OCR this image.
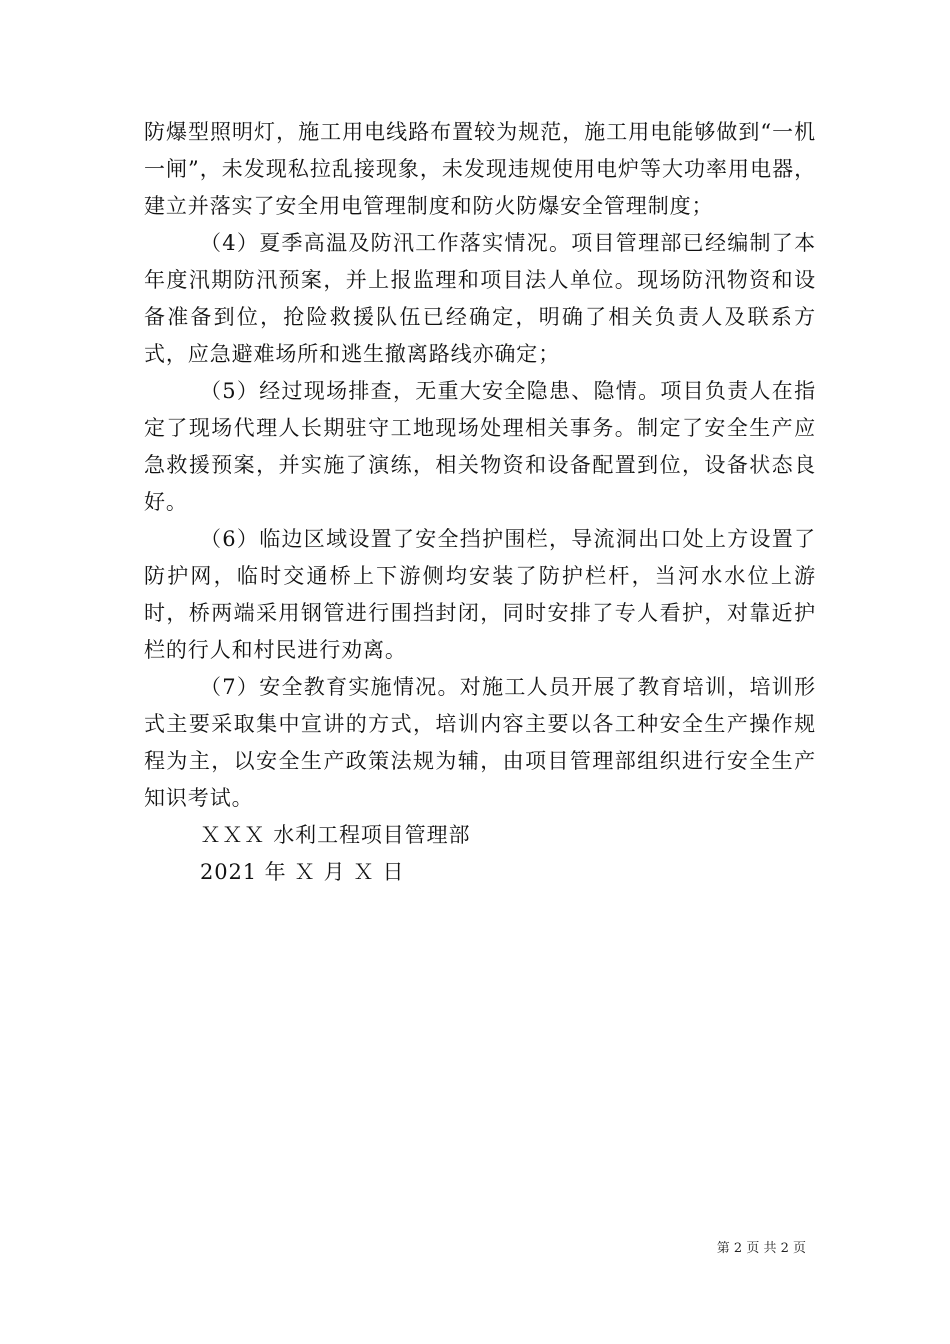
防爆型照明灯，施工用电线路布置较为规范，施工用电能够做到“一机一闸”，未发现私拉乱接现象，未发现违规使用电炉等大功率用电器，建立并落实了安全用电管理制度和防火防爆安全管理制度；

（4）夏季高温及防汛工作落实情况。项目管理部已经编制了本年度汛期防汛预案，并上报监理和项目法人单位。现场防汛物资和设备准备到位，抢险救援队伍已经确定，明确了相关负责人及联系方式，应急避难场所和逃生撤离路线亦确定；

（5）经过现场排查，无重大安全隐患、隐情。项目负责人在指定了现场代理人长期驻守工地现场处理相关事务。制定了安全生产应急救援预案，并实施了演练，相关物资和设备配置到位，设备状态良好。

（6）临边区域设置了安全挡护围栏，导流洞出口处上方设置了防护网，临时交通桥上下游侧均安装了防护栏杆，当河水水位上游时，桥两端采用钢管进行围挡封闭，同时安排了专人看护，对靠近护栏的行人和村民进行劝离。

（7）安全教育实施情况。对施工人员开展了教育培训，培训形式主要采取集中宣讲的方式，培训内容主要以各工种安全生产操作规程为主，以安全生产政策法规为辅，由项目管理部组织进行安全生产知识考试。

ＸＸＸ 水利工程项目管理部

2021 年 Ｘ 月 Ｘ 日

第 2 页 共 2 页
